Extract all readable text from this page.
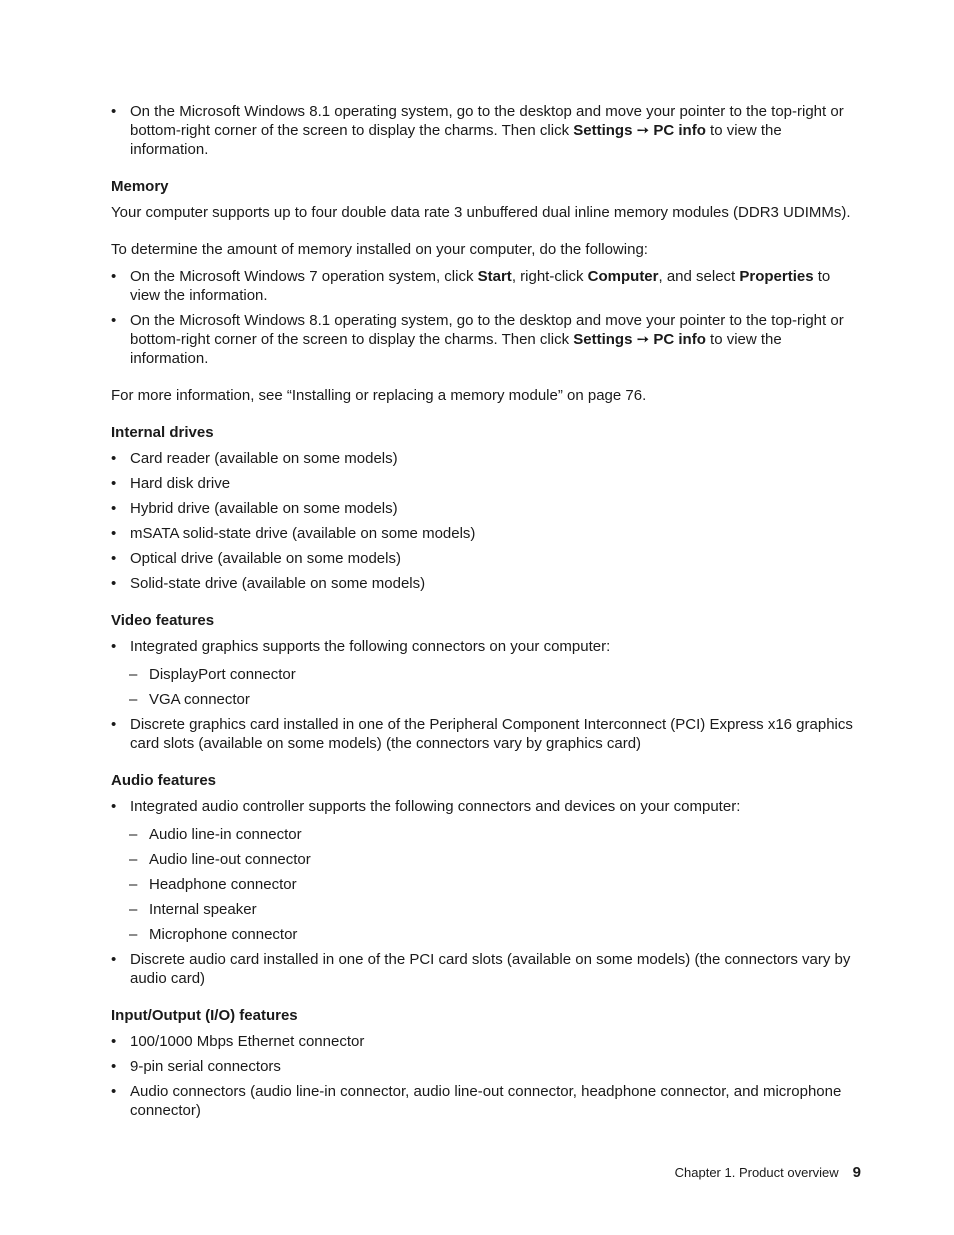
• On the Microsoft Windows 8.1 operating system, go to the desktop and move your pointer to the top-right or bottom-right corner of the screen to display the charms. Then click Settings ➙ PC info to view the information.
Memory

Your computer supports up to four double data rate 3 unbuffered dual inline memory modules (DDR3 UDIMMs).

To determine the amount of memory installed on your computer, do the following:

• On the Microsoft Windows 7 operation system, click Start, right-click Computer, and select Properties to view the information.
• On the Microsoft Windows 8.1 operating system, go to the desktop and move your pointer to the top-right or bottom-right corner of the screen to display the charms. Then click Settings ➙ PC info to view the information.

For more information, see “Installing or replacing a memory module” on page 76.

Internal drives
• Card reader (available on some models)
• Hard disk drive
• Hybrid drive (available on some models)
• mSATA solid-state drive (available on some models)
• Optical drive (available on some models)
• Solid-state drive (available on some models)
Video features
• Integrated graphics supports the following connectors on your computer:
– DisplayPort connector
– VGA connector
• Discrete graphics card installed in one of the Peripheral Component Interconnect (PCI) Express x16 graphics card slots (available on some models) (the connectors vary by graphics card)
Audio features
• Integrated audio controller supports the following connectors and devices on your computer:
– Audio line-in connector
– Audio line-out connector
– Headphone connector
– Internal speaker
– Microphone connector
• Discrete audio card installed in one of the PCI card slots (available on some models) (the connectors vary by audio card)
Input/Output (I/O) features
• 100/1000 Mbps Ethernet connector
• 9-pin serial connectors
• Audio connectors (audio line-in connector, audio line-out connector, headphone connector, and microphone connector)
Chapter 1. Product overview 9
